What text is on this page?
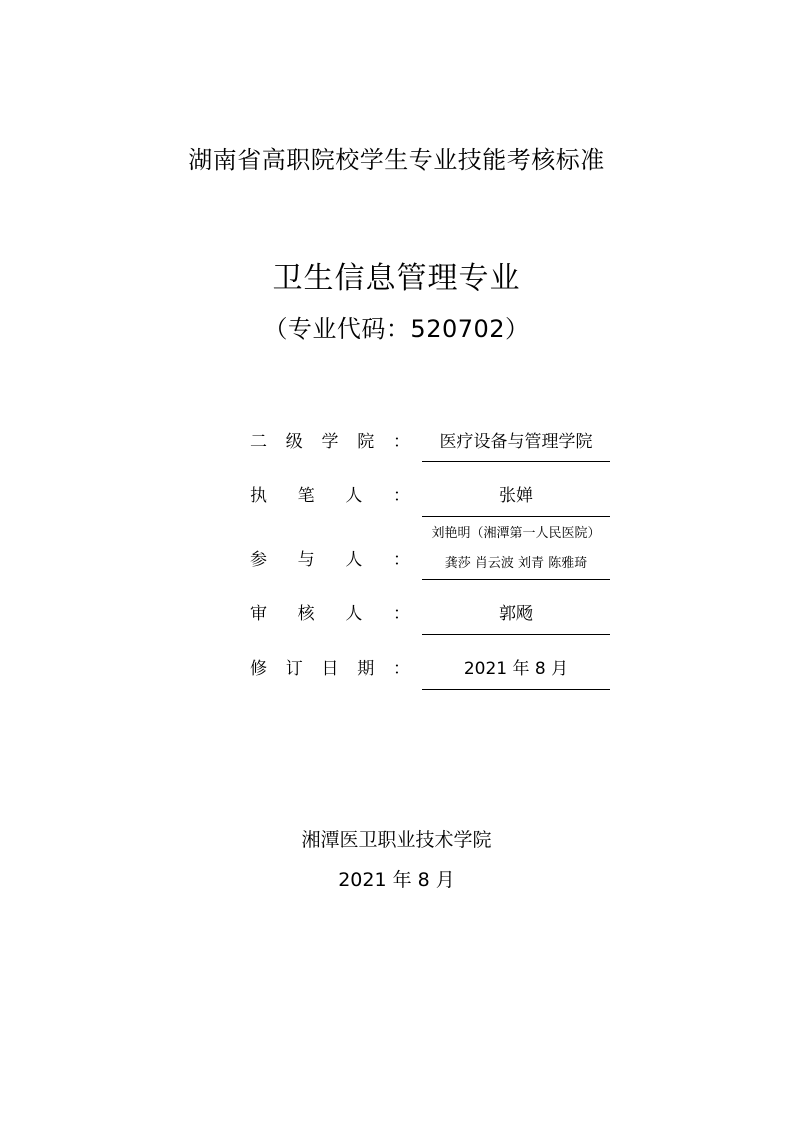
湖南省高职院校学生专业技能考核标准
卫生信息管理专业
（专业代码：520702）
二 级 学 院 ：	医疗设备与管理学院
执 笔 人 ：	张婵
参 与 人 ：
刘艳明（湘潭第一人民医院）
龚莎 肖云波 刘青 陈雅琦
审 核 人 ：	郭飏
修 订 日 期 ：	2021 年 8 月
湘潭医卫职业技术学院
2021 年 8 月
